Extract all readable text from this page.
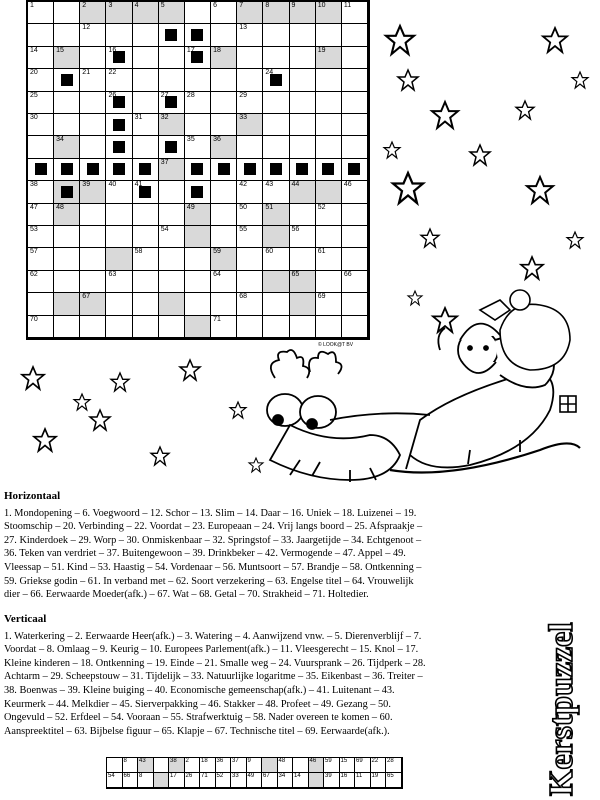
1	2	3	4	5	6	7	8	9	10	11
12	13
14	15	16	17	18	19
20	21	22	24
25	26	27	28	29
30	31	32	33
34	35	36
37
38	39	40	41	42	43	44	46
47	48	49	50	51	52
53	54	55	56
57	58	59	60	61
62	63	64	65	66
67	68	69
70	71
© LOOK@T BV
Horizontaal
1. Mondopening – 6. Voegwoord – 12. Schor – 13. Slim – 14. Daar – 16. Uniek – 18. Luizenei – 19.
Stoomschip – 20. Verbinding – 22. Voordat – 23. Europeaan – 24. Vrij langs boord – 25. Afspraakje –
27. Kinderdoek – 29. Worp – 30. Onmiskenbaar – 32. Springstof – 33. Jaargetijde – 34. Echtgenoot –
36. Teken van verdriet – 37. Buitengewoon – 39. Drinkbeker – 42. Vermogende – 47. Appel – 49.
Vleessap – 51. Kind – 53. Haastig – 54. Vordenaar – 56. Muntsoort – 57. Brandje – 58. Ontkenning –
59. Griekse godin – 61. In verband met – 62. Soort verzekering – 63. Engelse titel – 64. Vrouwelijk
dier – 66. Eerwaarde Moeder(afk.) – 67. Wat – 68. Getal – 70. Strakheid – 71. Holtedier.
Verticaal
1. Waterkering – 2. Eerwaarde Heer(afk.) – 3. Watering – 4. Aanwijzend vnw. – 5. Dierenverblijf – 7.
Voordat – 8. Omlaag – 9. Keurig – 10. Europees Parlement(afk.) – 11. Vleesgerecht – 15. Knol – 17.
Kleine kinderen – 18. Ontkenning – 19. Einde – 21. Smalle weg – 24. Vuursprank – 26. Tijdperk – 28.
Achtarm – 29. Scheepstouw – 31. Tijdelijk – 33. Natuurlijke logaritme – 35. Eikenbast – 36. Treiter –
38. Boenwas – 39. Kleine buiging – 40. Economische gemeenschap(afk.) – 41. Luitenant – 43.
Keurmerk – 44. Melkdier – 45. Sierverpakking – 46. Stakker – 48. Profeet – 49. Gezang – 50.
Ongevuld – 52. Erfdeel – 54. Vooraan – 55. Strafwerktuig – 58. Nader overeen te komen – 60.
Aanspreektitel – 63. Bijbelse figuur – 65. Klapje – 67. Technische titel – 69. Eerwaarde(afk.).
8	43	38	2	18	36	37	9	48	46	59	15	69	22	28
54	66	8	17	26	71	52	33	49	67	34	14	39	16	11	19	65	Kerstpuzzel
